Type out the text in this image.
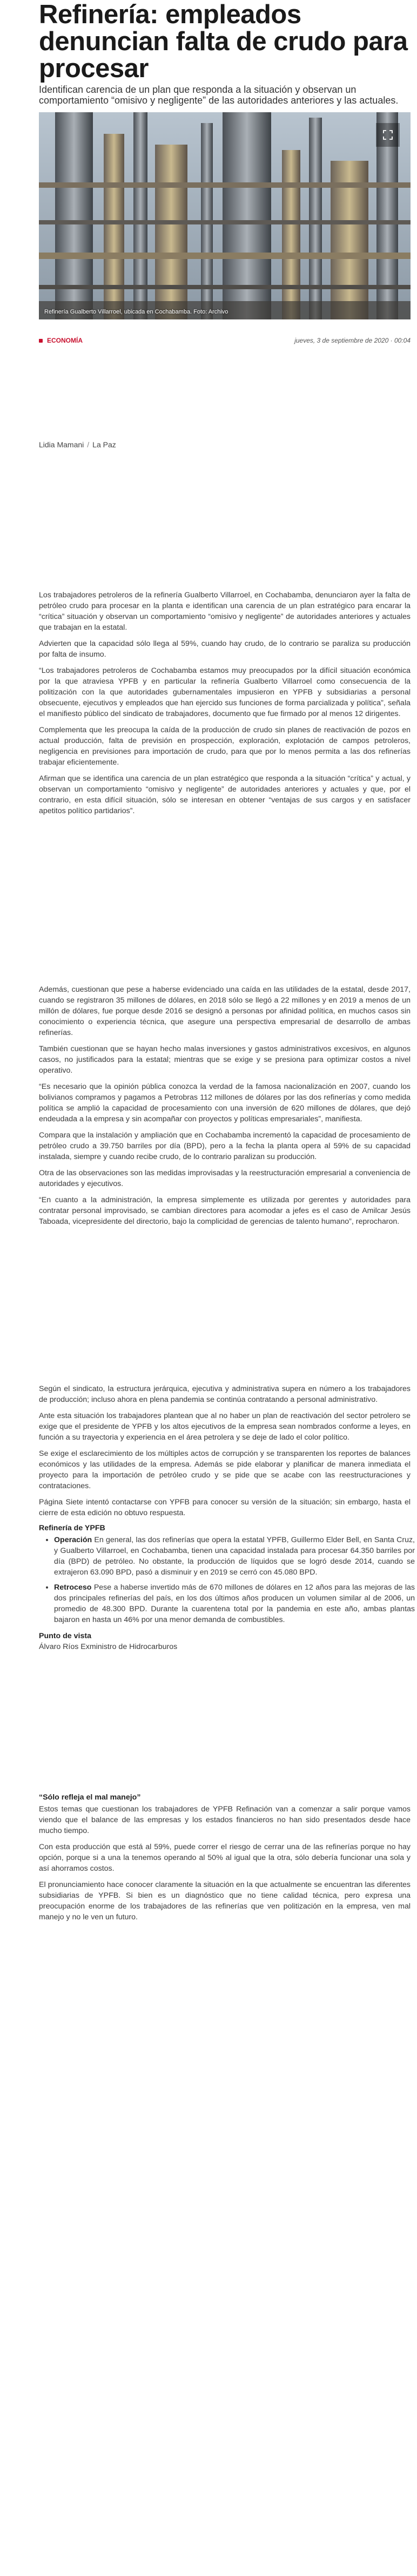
Refinería: empleados denuncian falta de crudo para procesar

Identifican carencia de un plan que responda a la situación y observan un comportamiento “omisivo y negligente” de las autoridades anteriores y las actuales.

Refinería Gualberto Villarroel, ubicada en Cochabamba. Foto: Archivo
ECONOMÍA	jueves, 3 de septiembre de 2020 · 00:04
Lidia Mamani / La Paz

Los trabajadores petroleros de la refinería Gualberto Villarroel, en Cochabamba, denunciaron ayer la falta de petróleo crudo para procesar en la planta e identifican una carencia de un plan estratégico para encarar la “crítica” situación y observan un comportamiento “omisivo y negligente” de autoridades anteriores y actuales que trabajan en la estatal.

Advierten que la capacidad sólo llega al 59%, cuando hay crudo, de lo contrario se paraliza su producción por falta de insumo.

“Los trabajadores petroleros de Cochabamba estamos muy preocupados por la difícil situación económica por la que atraviesa YPFB y en particular la refinería Gualberto Villarroel como consecuencia de la politización con la que autoridades gubernamentales impusieron en YPFB y subsidiarias a personal obsecuente, ejecutivos y empleados que han ejercido sus funciones de forma parcializada y política”, señala el manifiesto público del sindicato de trabajadores, documento que fue firmado por al menos 12 dirigentes.

Complementa que les preocupa la caída de la producción de crudo sin planes de reactivación de pozos en actual producción, falta de previsión en prospección, exploración, explotación de campos petroleros, negligencia en previsiones para importación de crudo, para que por lo menos permita a las dos refinerías trabajar eficientemente.

Afirman que se identifica una carencia de un plan estratégico que responda a la situación “crítica” y actual, y observan un comportamiento “omisivo y negligente” de autoridades anteriores y actuales y que, por el contrario, en esta difícil situación, sólo se interesan en obtener “ventajas de sus cargos y en satisfacer apetitos político partidarios”.

Además, cuestionan que pese a haberse evidenciado una caída en las utilidades de la estatal, desde 2017, cuando se registraron 35 millones de dólares, en 2018 sólo se llegó a 22 millones y en 2019 a menos de un millón de dólares, fue porque desde 2016 se designó a personas por afinidad política, en muchos casos sin conocimiento o experiencia técnica, que asegure una perspectiva empresarial de desarrollo de ambas refinerías.

También cuestionan que se hayan hecho malas inversiones y gastos administrativos excesivos, en algunos casos, no justificados para la estatal; mientras que se exige y se presiona para optimizar costos a nivel operativo.

“Es necesario que la opinión pública conozca la verdad de la famosa nacionalización en 2007, cuando los bolivianos compramos y pagamos a Petrobras 112 millones de dólares por las dos refinerías y como medida política se amplió la capacidad de procesamiento con una inversión de 620 millones de dólares, que dejó endeudada a la empresa y sin acompañar con proyectos y políticas empresariales”, manifiesta.

Compara que la instalación y ampliación que en Cochabamba incrementó la capacidad de procesamiento de petróleo crudo a 39.750 barriles por día (BPD), pero a la fecha la planta opera al 59% de su capacidad instalada, siempre y cuando recibe crudo, de lo contrario paralizan su producción.

Otra de las observaciones son las medidas improvisadas y la reestructuración empresarial a conveniencia de autoridades y ejecutivos.

“En cuanto a la administración, la empresa simplemente es utilizada por gerentes y autoridades para contratar personal improvisado, se cambian directores para acomodar a jefes es el caso de Amilcar Jesús Taboada, vicepresidente del directorio, bajo la complicidad de gerencias de talento humano”, reprocharon.

Según el sindicato, la estructura jerárquica, ejecutiva y administrativa supera en número a los trabajadores de producción; incluso ahora en plena pandemia se continúa contratando a personal administrativo.

Ante esta situación los trabajadores plantean que al no haber un plan de reactivación del sector petrolero se exige que el presidente de YPFB y los altos ejecutivos de la empresa sean nombrados conforme a leyes, en función a su trayectoria y experiencia en el área petrolera y se deje de lado el color político.

Se exige el esclarecimiento de los múltiples actos de corrupción y se transparenten los reportes de balances económicos y las utilidades de la empresa. Además se pide elaborar y planificar de manera inmediata el proyecto para la importación de petróleo crudo y se pide que se acabe con las reestructuraciones y contrataciones.

Página Siete intentó contactarse con YPFB para conocer su versión de la situación; sin embargo, hasta el cierre de esta edición no obtuvo respuesta.

Refinería de YPFB
• Operación En general, las dos refinerías que opera la estatal YPFB, Guillermo Elder Bell, en Santa Cruz, y Gualberto Villarroel, en Cochabamba, tienen una capacidad instalada para procesar 64.350 barriles por día (BPD) de petróleo. No obstante, la producción de líquidos que se logró desde 2014, cuando se extrajeron 63.090 BPD, pasó a disminuir y en 2019 se cerró con 45.080 BPD.
• Retroceso Pese a haberse invertido más de 670 millones de dólares en 12 años para las mejoras de las dos principales refinerías del país, en los dos últimos años producen un volumen similar al de 2006, un promedio de 48.300 BPD. Durante la cuarentena total por la pandemia en este año, ambas plantas bajaron en hasta un 46% por una menor demanda de combustibles.
Punto de vista
Álvaro Ríos Exministro de Hidrocarburos
“Sólo refleja el mal manejo”

Estos temas que cuestionan los trabajadores de YPFB Refinación van a comenzar a salir porque vamos viendo que el balance de las empresas y los estados financieros no han sido presentados desde hace mucho tiempo.

Con esta producción que está al 59%, puede correr el riesgo de cerrar una de las refinerías porque no hay opción, porque si a una la tenemos operando al 50% al igual que la otra, sólo debería funcionar una sola y así ahorramos costos.

El pronunciamiento hace conocer claramente la situación en la que actualmente se encuentran las diferentes subsidiarias de YPFB. Si bien es un diagnóstico que no tiene calidad técnica, pero expresa una preocupación enorme de los trabajadores de las refinerías que ven politización en la empresa, ven mal manejo y no le ven un futuro.
